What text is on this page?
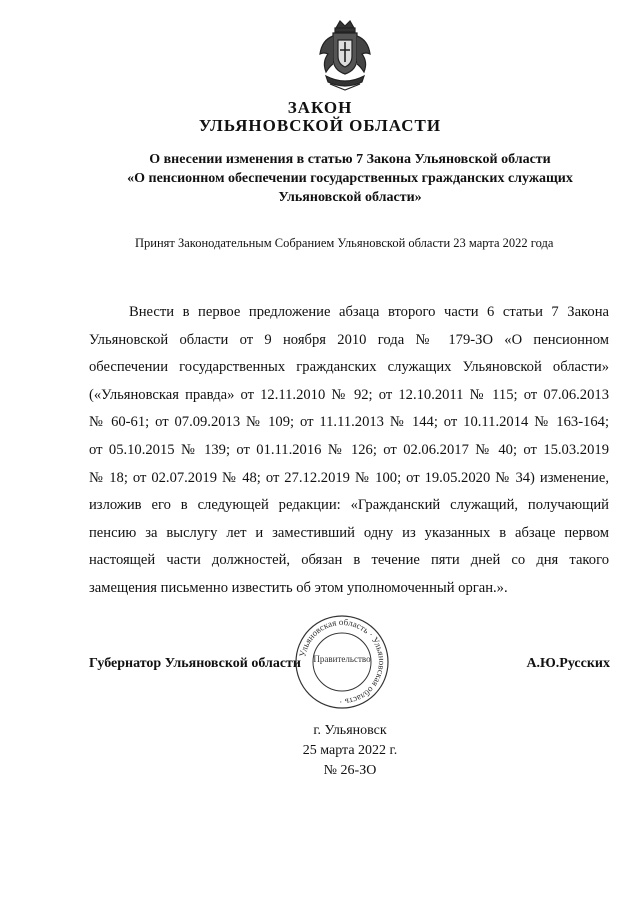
ЗАКОН
УЛЬЯНОВСКОЙ ОБЛАСТИ
О внесении изменения в статью 7 Закона Ульяновской области
«О пенсионном обеспечении государственных гражданских служащих
Ульяновской области»
Принят Законодательным Собранием Ульяновской области 23 марта 2022 года
Внести в первое предложение абзаца второго части 6 статьи 7 Закона
Ульяновской области от 9 ноября 2010 года № 179-ЗО «О пенсионном
обеспечении государственных гражданских служащих Ульяновской области»
(«Ульяновская правда» от 12.11.2010 № 92; от 12.10.2011 № 115; от 07.06.2013
№ 60-61; от 07.09.2013 № 109; от 11.11.2013 № 144; от 10.11.2014 № 163-164;
от 05.10.2015 № 139; от 01.11.2016 № 126; от 02.06.2017 № 40; от 15.03.2019
№ 18; от 02.07.2019 № 48; от 27.12.2019 № 100; от 19.05.2020 № 34) изменение,
изложив его в следующей редакции: «Гражданский служащий, получающий
пенсию за выслугу лет и заместивший одну из указанных в абзаце первом
настоящей части должностей, обязан в течение пяти дней со дня такого
замещения письменно известить об этом уполномоченный орган.».
Губернатор Ульяновской области
Ульяновская область · Ульяновская область ·
Правительство	А.Ю.Русских
г. Ульяновск
25 марта 2022 г.
№ 26-ЗО
